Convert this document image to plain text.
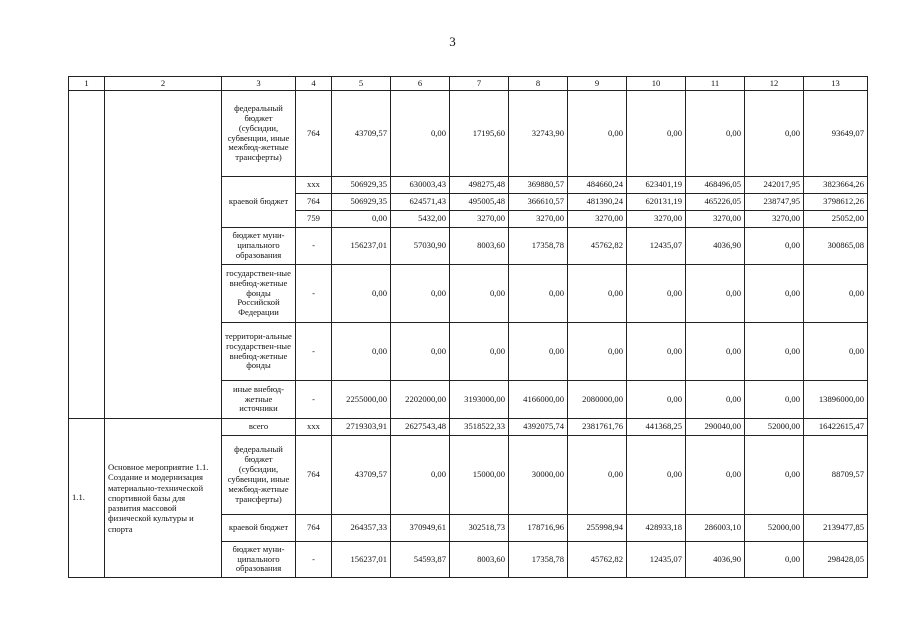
3
1	2	3	4	5	6	7	8	9	10	11	12	13
		федеральный бюджет (субсидии, субвенции, иные межбюд-жетные трансферты)	764	43709,57	0,00	17195,60	32743,90	0,00	0,00	0,00	0,00	93649,07
		краевой бюджет	xxx	506929,35	630003,43	498275,48	369880,57	484660,24	623401,19	468496,05	242017,95	3823664,26
			764	506929,35	624571,43	495005,48	366610,57	481390,24	620131,19	465226,05	238747,95	3798612,26
			759	0,00	5432,00	3270,00	3270,00	3270,00	3270,00	3270,00	3270,00	25052,00
		бюджет муни-ципального образования	-	156237,01	57030,90	8003,60	17358,78	45762,82	12435,07	4036,90	0,00	300865,08
		государствен-ные внебюд-жетные фонды Российской Федерации	-	0,00	0,00	0,00	0,00	0,00	0,00	0,00	0,00	0,00
		территори-альные государствен-ные внебюд-жетные фонды	-	0,00	0,00	0,00	0,00	0,00	0,00	0,00	0,00	0,00
		иные внебюд-жетные источники	-	2255000,00	2202000,00	3193000,00	4166000,00	2080000,00	0,00	0,00	0,00	13896000,00
1.1.	Основное мероприятие 1.1. Создание и модернизация материально-технической спортивной базы для развития массовой физической культуры и спорта	всего	xxx	2719303,91	2627543,48	3518522,33	4392075,74	2381761,76	441368,25	290040,00	52000,00	16422615,47
		федеральный бюджет (субсидии, субвенции, иные межбюд-жетные трансферты)	764	43709,57	0,00	15000,00	30000,00	0,00	0,00	0,00	0,00	88709,57
		краевой бюджет	764	264357,33	370949,61	302518,73	178716,96	255998,94	428933,18	286003,10	52000,00	2139477,85
		бюджет муни-ципального образования	-	156237,01	54593,87	8003,60	17358,78	45762,82	12435,07	4036,90	0,00	298428,05
